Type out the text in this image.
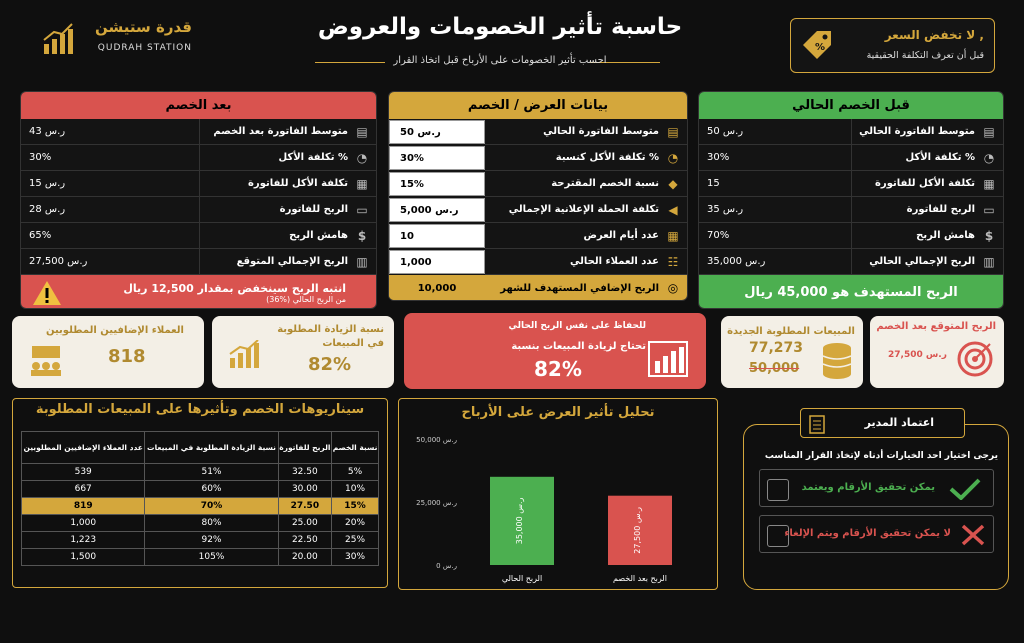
قدرة ستيشن
QUDRAH STATION
حاسبة تأثير الخصومات والعروض
احسب تأثير الخصومات على الأرباح قبل اتخاذ القرار
%
لا تخفض السعر ,
قبل أن تعرف التكلفة الحقيقية
بعد الخصم
43 ر.س	متوسط الفاتورة بعد الخصم ▤
30%	تكلفة الأكل % ◔
15 ر.س	تكلفة الأكل للفاتورة ▦
28 ر.س	الربح للفاتورة ▭
65%	هامش الربح $
27,500 ر.س	الربح الإجمالي المتوقع ▥
انتبه الربح سينخفض بمقدار 12,500 ريال
(36%) من الربح الحالي
بيانات العرض / الخصم
50 ر.س	متوسط الفاتورة الحالي ▤
30%	تكلفة الأكل كنسبة % ◔
15%	نسبة الخصم المقترحة ◆
5,000 ر.س	تكلفة الحملة الإعلانية الإجمالي ◀
10	عدد أيام العرض ▦
1,000	عدد العملاء الحالي ☷
10,000	الربح الإضافي المستهدف للشهر ◎
قبل الخصم الحالي
50 ر.س	متوسط الفاتورة الحالي ▤
30%	تكلفة الأكل % ◔
15	تكلفة الأكل للفاتورة ▦
35 ر.س	الربح للفاتورة ▭
70%	هامش الربح $
35,000 ر.س	الربح الإجمالي الحالي ▥
الربح المستهدف هو 45,000 ريال
العملاء الإضافيين المطلوبين
818
نسبة الزيادة المطلوبة في المبيعات
82%
للحفاظ على نفس الربح الحالي
تحتاج لزيادة المبيعات بنسبة
82%
المبيعات المطلوبة الجديدة
77,273
50,000
الربح المتوقع بعد الخصم
27,500 ر.س
سيناريوهات الخصم وتأثيرها على المبيعات المطلوبة
عدد العملاء الإضافيين المطلوبين	نسبة الزيادة المطلوبة في المبيعات	الربح للفاتورة	نسبة الخصم
539	51%	32.50	5%
667	60%	30.00	10%
819	70%	27.50	15%
1,000	80%	25.00	20%
1,223	92%	22.50	25%
1,500	105%	20.00	30%
تحليل تأثير العرض على الأرباح
ر.س 0
25,000 ر.س
50,000 ر.س
35,000 ر.س
الربح الحالي
27,500 ر.س
الربح بعد الخصم
يرجى اختيار احد الخيارات أدناه لإتخاذ القرار المناسب
يمكن تحقيق الأرقام ويعتمد
لا يمكن تحقيق الأرقام ويتم الإلغاء
اعتماد المدير
